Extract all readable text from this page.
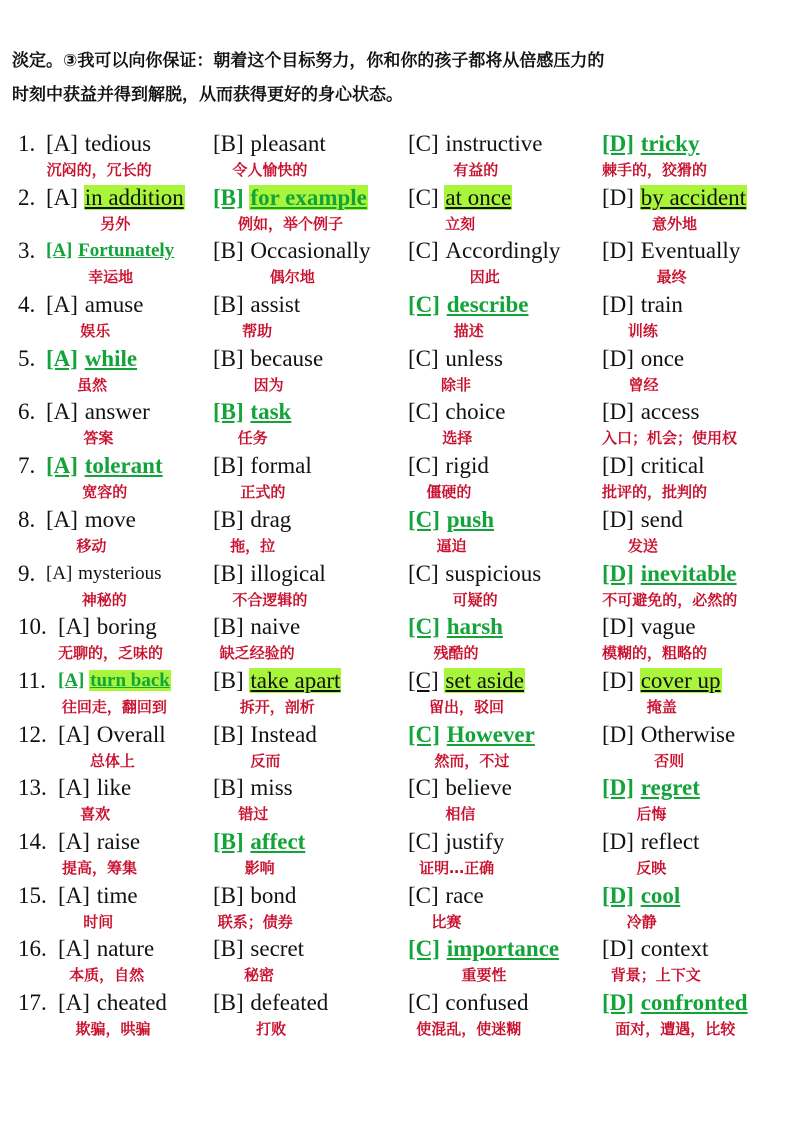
淡定。③我可以向你保证：朝着这个目标努力，你和你的孩子都将从倍感压力的
时刻中获益并得到解脱，从而获得更好的身心状态。
1. [A] tedious
沉闷的，冗长的
[B] pleasant
令人愉快的
[C] instructive
有益的
[D] tricky
棘手的，狡猾的
2. [A] in addition
另外
[B] for example
例如，举个例子
[C] at once
立刻
[D] by accident
意外地
3. [A] Fortunately
幸运地
[B] Occasionally
偶尔地
[C] Accordingly
因此
[D] Eventually
最终
4. [A] amuse
娱乐
[B] assist
帮助
[C] describe
描述
[D] train
训练
5. [A] while
虽然
[B] because
因为
[C] unless
除非
[D] once
曾经
6. [A] answer
答案
[B] task
任务
[C] choice
选择
[D] access
入口；机会；使用权
7. [A] tolerant
宽容的
[B] formal
正式的
[C] rigid
僵硬的
[D] critical
批评的，批判的
8. [A] move
移动
[B] drag
拖，拉
[C] push
逼迫
[D] send
发送
9. [A] mysterious
神秘的
[B] illogical
不合逻辑的
[C] suspicious
可疑的
[D] inevitable
不可避免的，必然的
10. [A] boring
无聊的，乏味的
[B] naive
缺乏经验的
[C] harsh
残酷的
[D] vague
模糊的，粗略的
11. [A] turn back
往回走，翻回到
[B] take apart
拆开，剖析
[C] set aside
留出，驳回
[D] cover up
掩盖
12. [A] Overall
总体上
[B] Instead
反而
[C] However
然而，不过
[D] Otherwise
否则
13. [A] like
喜欢
[B] miss
错过
[C] believe
相信
[D] regret
后悔
14. [A] raise
提高，筹集
[B] affect
影响
[C] justify
证明…正确
[D] reflect
反映
15. [A] time
时间
[B] bond
联系；债券
[C] race
比赛
[D] cool
冷静
16. [A] nature
本质，自然
[B] secret
秘密
[C] importance
重要性
[D] context
背景；上下文
17. [A] cheated
欺骗，哄骗
[B] defeated
打败
[C] confused
使混乱，使迷糊
[D] confronted
面对，遭遇，比较
